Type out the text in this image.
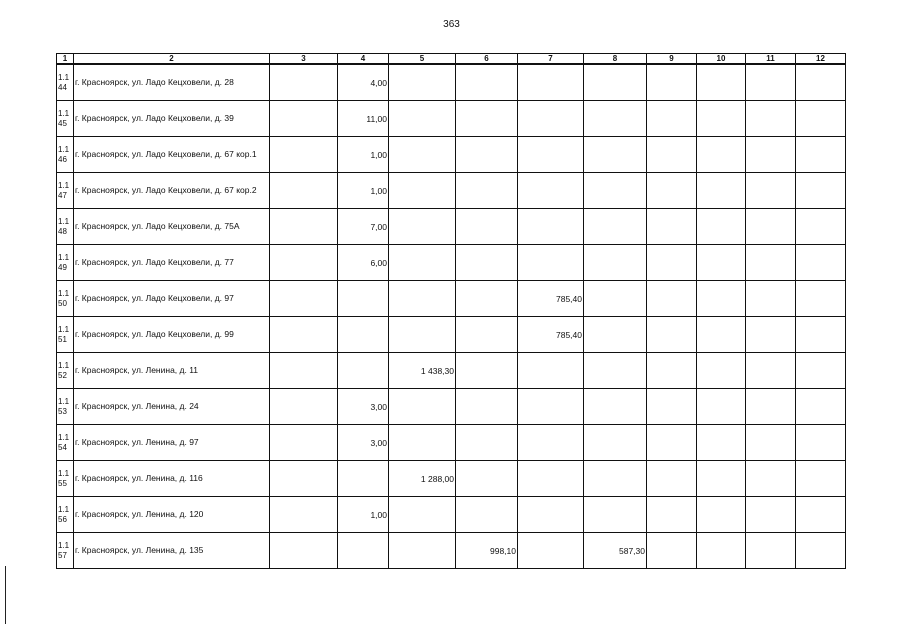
363
1	2	3	4	5	6	7	8	9	10	11	12
1.1
44	г. Красноярск, ул. Ладо Кецховели, д. 28		4,00								
1.1
45	г. Красноярск, ул. Ладо Кецховели, д. 39		11,00								
1.1
46	г. Красноярск, ул. Ладо Кецховели, д. 67 кор.1		1,00								
1.1
47	г. Красноярск, ул. Ладо Кецховели, д. 67 кор.2		1,00								
1.1
48	г. Красноярск, ул. Ладо Кецховели, д. 75А		7,00								
1.1
49	г. Красноярск, ул. Ладо Кецховели, д. 77		6,00								
1.1
50	г. Красноярск, ул. Ладо Кецховели, д. 97					785,40					
1.1
51	г. Красноярск, ул. Ладо Кецховели, д. 99					785,40					
1.1
52	г. Красноярск, ул. Ленина, д. 11			1 438,30							
1.1
53	г. Красноярск, ул. Ленина, д. 24		3,00								
1.1
54	г. Красноярск, ул. Ленина, д. 97		3,00								
1.1
55	г. Красноярск, ул. Ленина, д. 116			1 288,00							
1.1
56	г. Красноярск, ул. Ленина, д. 120		1,00								
1.1
57	г. Красноярск, ул. Ленина, д. 135				998,10		587,30				
